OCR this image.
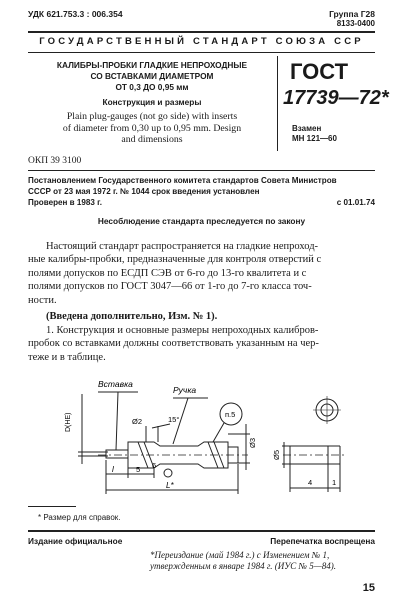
УДК 621.753.3 : 006.354	Группа Г28
8133-0400
ГОСУДАРСТВЕННЫЙ СТАНДАРТ СОЮЗА ССР
КАЛИБРЫ-ПРОБКИ ГЛАДКИЕ НЕПРОХОДНЫЕ
СО ВСТАВКАМИ ДИАМЕТРОМ
ОТ 0,3 ДО 0,95 мм
Конструкция и размеры
Plain plug-gauges (not go side) with inserts
of diameter from 0,30 up to 0,95 mm. Design
and dimensions
ГОСТ
17739—72*
Взамен
МН 121—60
ОКП 39 3100
Постановлением Государственного комитета стандартов Совета Министров
СССР от 23 мая 1972 г. № 1044 срок введения установлен
Проверен в 1983 г.	с 01.01.74
Несоблюдение стандарта преследуется по закону
Настоящий стандарт распространяется на гладкие непроход-
ные калибры-пробки, предназначенные для контроля отверстий с
полями допусков по ЕСДП СЭВ от 6-го до 13-го квалитета и с
полями допусков по ГОСТ 3047—66 от 1-го до 7-го класса точ-
ности.
(Введена дополнительно, Изм. № 1).
1. Конструкция и основные размеры непроходных калибров-
пробок со вставками должны соответствовать указанным на чер-
теже и в таблице.
Вставка
Ручка
D(НЕ)	Ø2	15°
п.5
Ø3
l	5 6
L*
Ø5
4	1
* Размер для справок.
Издание официальное	Перепечатка воспрещена
*Переиздание (май 1984 г.) с Изменением № 1,
утвержденным в январе 1984 г. (ИУС № 5—84).
15
